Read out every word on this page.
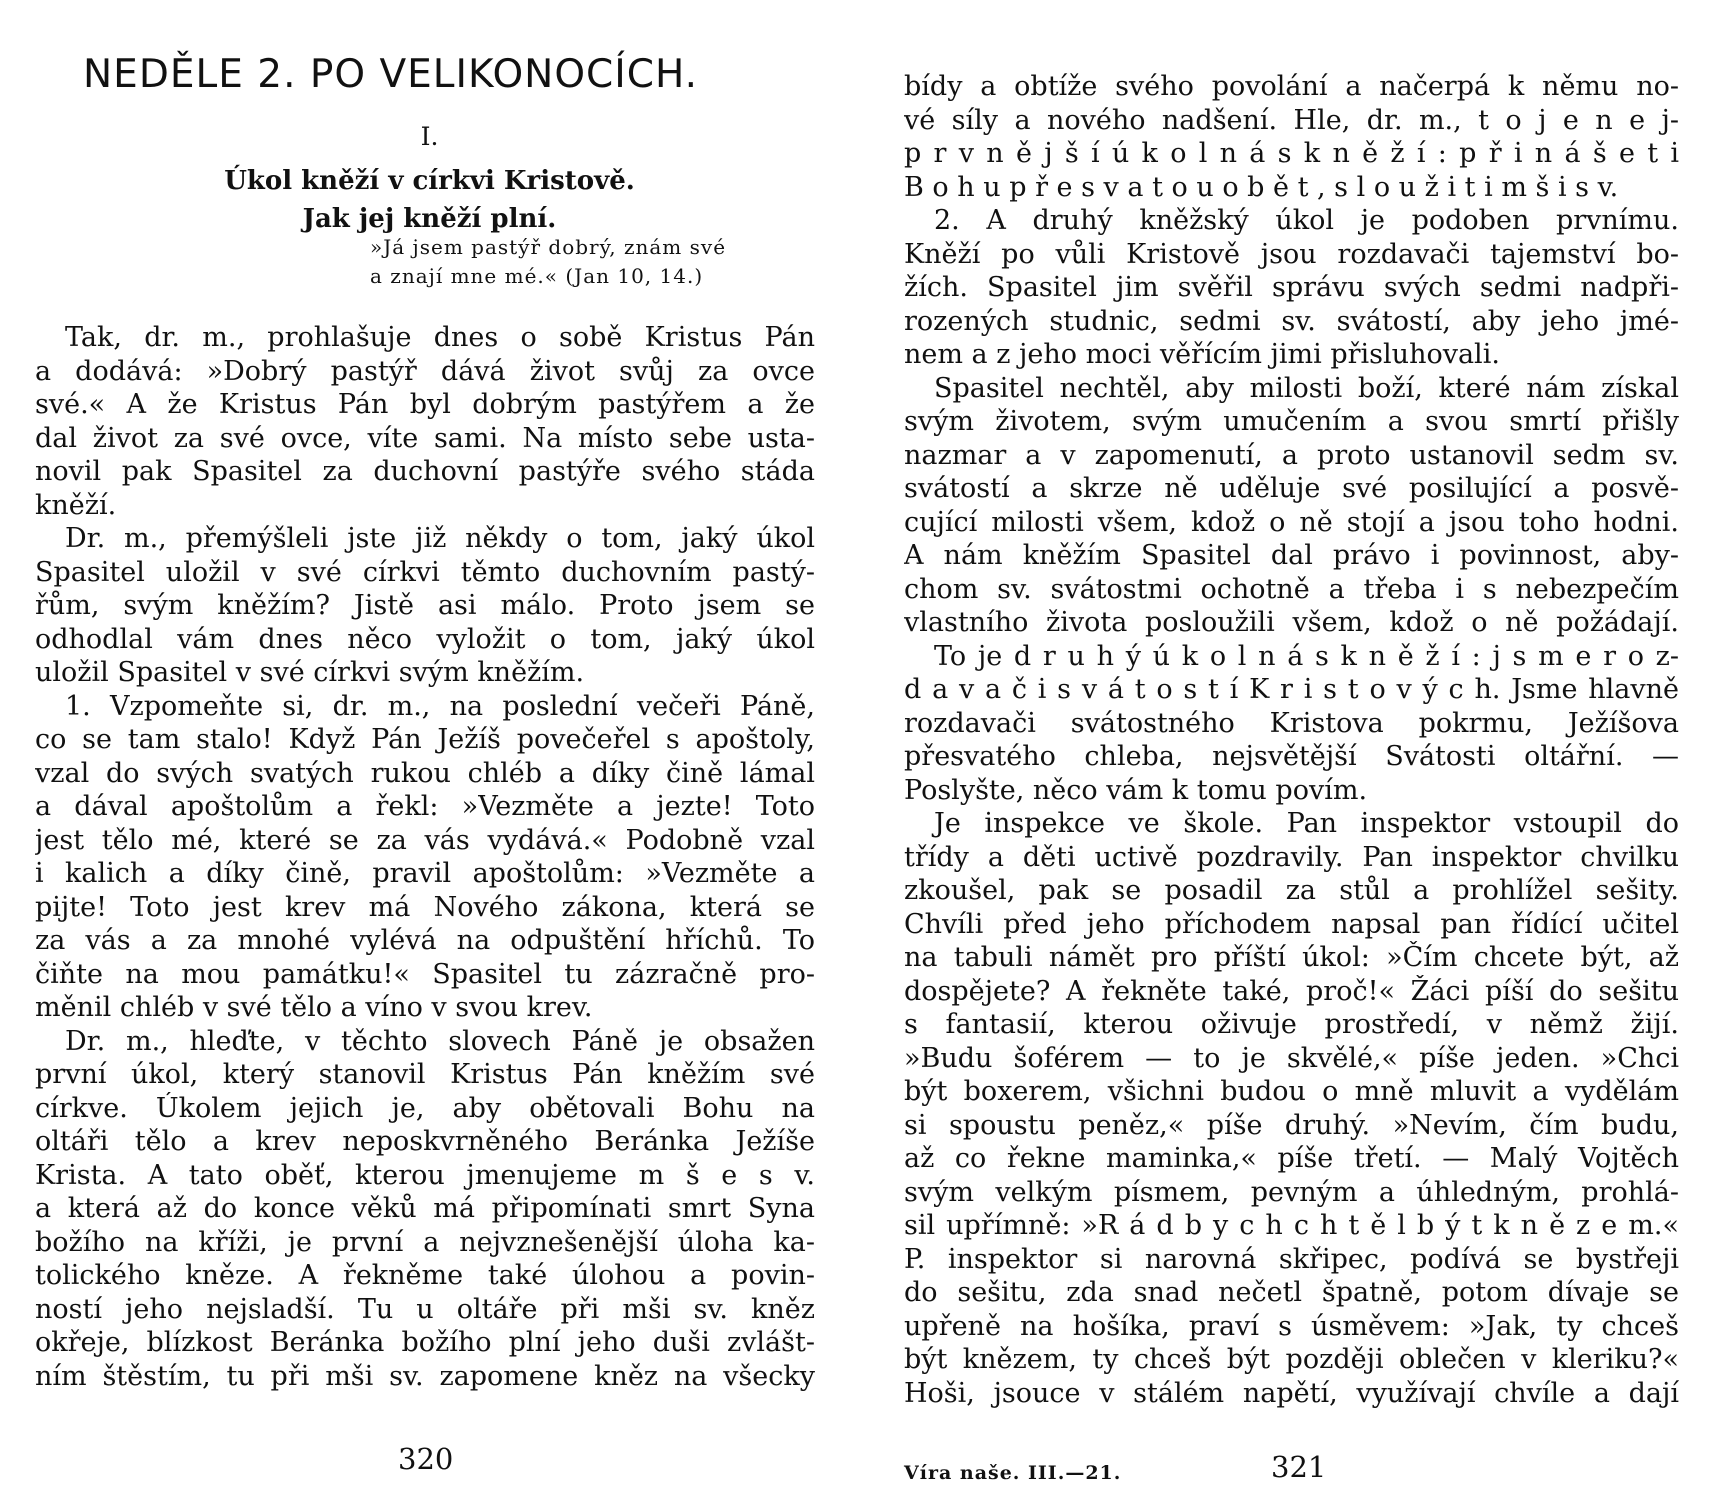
NEDĚLE 2. PO VELIKONOCÍCH.

I.

Úkol kněží v církvi Kristově.

Jak jej kněží plní.

»Já jsem pastýř dobrý, znám své
a znají mne mé.« (Jan 10, 14.)
Tak, dr. m., prohlašuje dnes o sobě Kristus Pán
a dodává: »Dobrý pastýř dává život svůj za ovce
své.« A že Kristus Pán byl dobrým pastýřem a že
dal život za své ovce, víte sami. Na místo sebe usta-
novil pak Spasitel za duchovní pastýře svého stáda
kněží.
Dr. m., přemýšleli jste již někdy o tom, jaký úkol
Spasitel uložil v své církvi těmto duchovním pastý-
řům, svým kněžím? Jistě asi málo. Proto jsem se
odhodlal vám dnes něco vyložit o tom, jaký úkol
uložil Spasitel v své církvi svým kněžím.
1. Vzpomeňte si, dr. m., na poslední večeři Páně,
co se tam stalo! Když Pán Ježíš povečeřel s apoštoly,
vzal do svých svatých rukou chléb a díky čině lámal
a dával apoštolům a řekl: »Vezměte a jezte! Toto
jest tělo mé, které se za vás vydává.« Podobně vzal
i kalich a díky čině, pravil apoštolům: »Vezměte a
pijte! Toto jest krev má Nového zákona, která se
za vás a za mnohé vylévá na odpuštění hříchů. To
čiňte na mou památku!« Spasitel tu zázračně pro-
měnil chléb v své tělo a víno v svou krev.
Dr. m., hleďte, v těchto slovech Páně je obsažen
první úkol, který stanovil Kristus Pán kněžím své
církve. Úkolem jejich je, aby obětovali Bohu na
oltáři tělo a krev neposkvrněného Beránka Ježíše
Krista. A tato oběť, kterou jmenujeme m š e s v.
a která až do konce věků má připomínati smrt Syna
božího na kříži, je první a nejvznešenější úloha ka-
tolického kněze. A řekněme také úlohou a povin-
ností jeho nejsladší. Tu u oltáře při mši sv. kněz
okřeje, blízkost Beránka božího plní jeho duši zvlášt-
ním štěstím, tu při mši sv. zapomene kněz na všecky

320

bídy a obtíže svého povolání a načerpá k němu no-
vé síly a nového nadšení. Hle, dr. m., t o j e n e j-
p r v n ě j š í ú k o l n á s k n ě ž í : p ř i n á š e t i
B o h u p ř e s v a t o u o b ě t , s l o u ž i t i m š i s v.
2. A druhý kněžský úkol je podoben prvnímu.
Kněží po vůli Kristově jsou rozdavači tajemství bo-
žích. Spasitel jim svěřil správu svých sedmi nadpři-
rozených studnic, sedmi sv. svátostí, aby jeho jmé-
nem a z jeho moci věřícím jimi přisluhovali.
Spasitel nechtěl, aby milosti boží, které nám získal
svým životem, svým umučením a svou smrtí přišly
nazmar a v zapomenutí, a proto ustanovil sedm sv.
svátostí a skrze ně uděluje své posilující a posvě-
cující milosti všem, kdož o ně stojí a jsou toho hodni.
A nám kněžím Spasitel dal právo i povinnost, aby-
chom sv. svátostmi ochotně a třeba i s nebezpečím
vlastního života posloužili všem, kdož o ně požádají.
To je d r u h ý ú k o l n á s k n ě ž í : j s m e r o z-
d a v a č i s v á t o s t í K r i s t o v ý c h. Jsme hlavně
rozdavači svátostného Kristova pokrmu, Ježíšova
přesvatého chleba, nejsvětější Svátosti oltářní. —
Poslyšte, něco vám k tomu povím.
Je inspekce ve škole. Pan inspektor vstoupil do
třídy a děti uctivě pozdravily. Pan inspektor chvilku
zkoušel, pak se posadil za stůl a prohlížel sešity.
Chvíli před jeho příchodem napsal pan řídící učitel
na tabuli námět pro příští úkol: »Čím chcete být, až
dospějete? A řekněte také, proč!« Žáci píší do sešitu
s fantasií, kterou oživuje prostředí, v němž žijí.
»Budu šoférem — to je skvělé,« píše jeden. »Chci
být boxerem, všichni budou o mně mluvit a vydělám
si spoustu peněz,« píše druhý. »Nevím, čím budu,
až co řekne maminka,« píše třetí. — Malý Vojtěch
svým velkým písmem, pevným a úhledným, prohlá-
sil upřímně: »R á d b y c h c h t ě l b ý t k n ě z e m.«
P. inspektor si narovná skřipec, podívá se bystřeji
do sešitu, zda snad nečetl špatně, potom dívaje se
upřeně na hošíka, praví s úsměvem: »Jak, ty chceš
být knězem, ty chceš být později oblečen v kleriku?«
Hoši, jsouce v stálém napětí, využívají chvíle a dají

Víra naše. III.—21.	321
